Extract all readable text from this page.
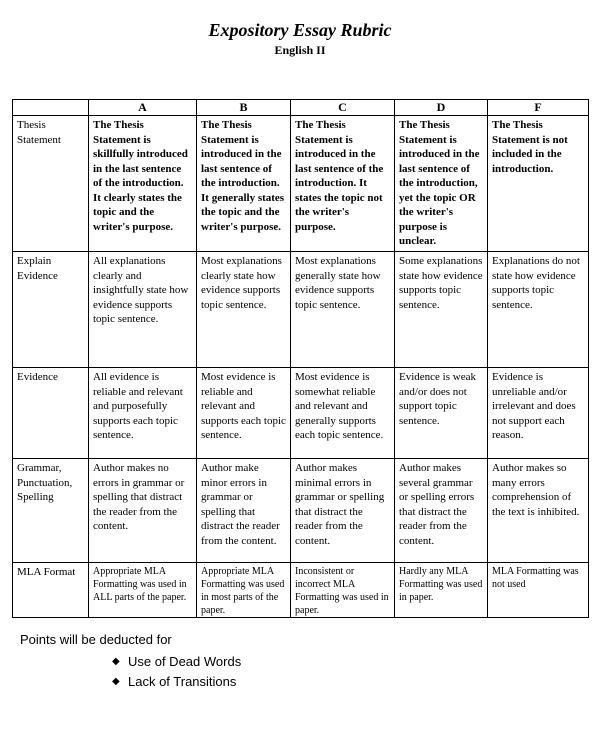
Expository Essay Rubric
English II
	A	B	C	D	F
Thesis Statement	The Thesis Statement is skillfully introduced in the last sentence of the introduction. It clearly states the topic and the writer's purpose.	The Thesis Statement is introduced in the last sentence of the introduction. It generally states the topic and the writer's purpose.	The Thesis Statement is introduced in the last sentence of the introduction. It states the topic not the writer's purpose.	The Thesis Statement is introduced in the last sentence of the introduction, yet the topic OR the writer's purpose is unclear.	The Thesis Statement is not included in the introduction.
Explain Evidence	All explanations clearly and insightfully state how evidence supports topic sentence.	Most explanations clearly state how evidence supports topic sentence.	Most explanations generally state how evidence supports topic sentence.	Some explanations state how evidence supports topic sentence.	Explanations do not state how evidence supports topic sentence.
Evidence	All evidence is reliable and relevant and purposefully supports each topic sentence.	Most evidence is reliable and relevant and supports each topic sentence.	Most evidence is somewhat reliable and relevant and generally supports each topic sentence.	Evidence is weak and/or does not support topic sentence.	Evidence is unreliable and/or irrelevant and does not support each reason.
Grammar, Punctuation, Spelling	Author makes no errors in grammar or spelling that distract the reader from the content.	Author make minor errors in grammar or spelling that distract the reader from the content.	Author makes minimal errors in grammar or spelling that distract the reader from the content.	Author makes several grammar or spelling errors that distract the reader from the content.	Author makes so many errors comprehension of the text is inhibited.
MLA Format	Appropriate MLA Formatting was used in ALL parts of the paper.	Appropriate MLA Formatting was used in most parts of the paper.	Inconsistent or incorrect MLA Formatting was used in paper.	Hardly any MLA Formatting was used in paper.	MLA Formatting was not used
Points will be deducted for
◆ Use of Dead Words
◆ Lack of Transitions
